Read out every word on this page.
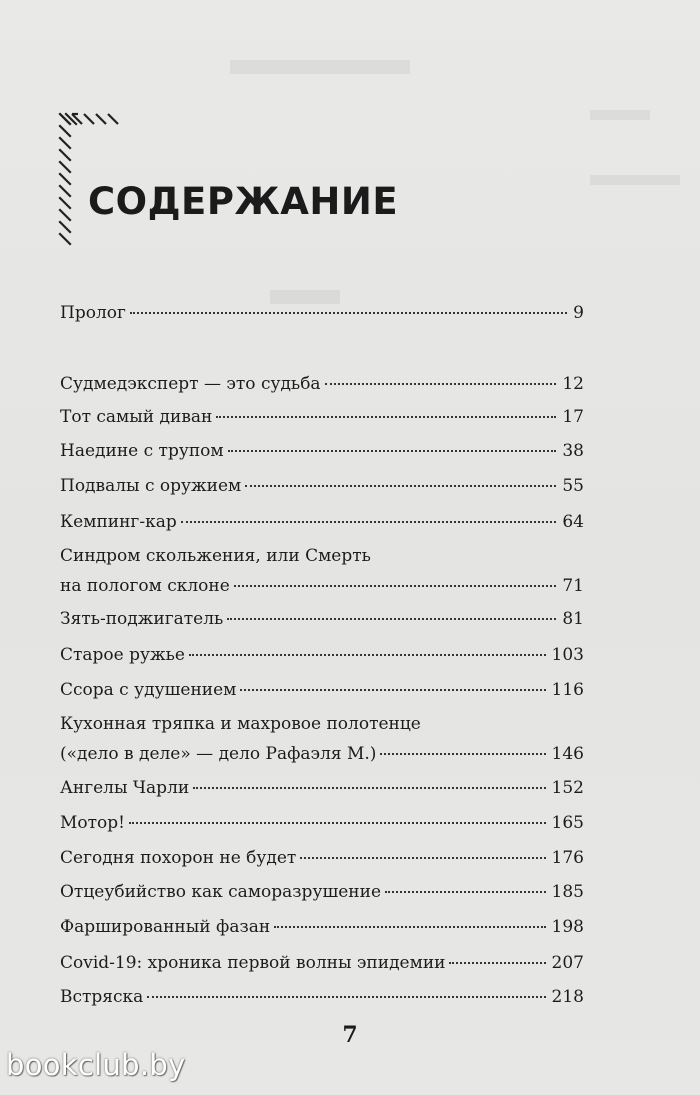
СОДЕРЖАНИЕ
Пролог	9
Судмедэксперт — это судьба	12
Тот самый диван	17
Наедине с трупом	38
Подвалы с оружием	55
Кемпинг-кар	64
Синдром скольжения, или Смерть
на пологом склоне	71
Зять-поджигатель	81
Старое ружье	103
Ссора с удушением	116
Кухонная тряпка и махровое полотенце
(«дело в деле» — дело Рафаэля М.)	146
Ангелы Чарли	152
Мотор!	165
Сегодня похорон не будет	176
Отцеубийство как саморазрушение	185
Фаршированный фазан	198
Covid-19: хроника первой волны эпидемии	207
Встряска	218
7
bookclub.by
